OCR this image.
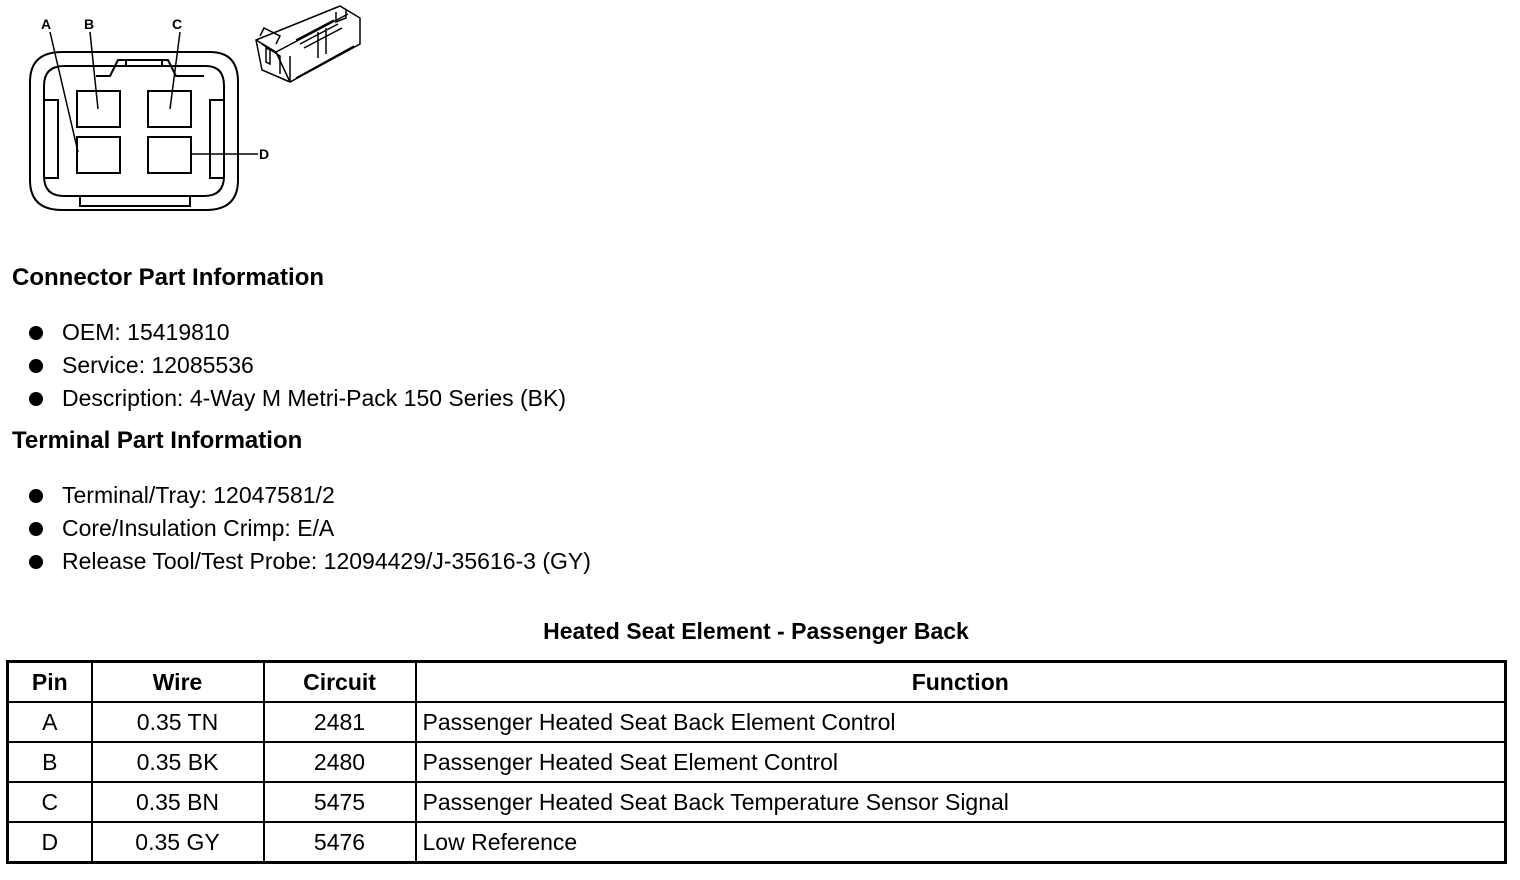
A B	C
D
Connector Part Information
OEM: 15419810
Service: 12085536
Description: 4-Way M Metri-Pack 150 Series (BK)
Terminal Part Information
Terminal/Tray: 12047581/2
Core/Insulation Crimp: E/A
Release Tool/Test Probe: 12094429/J-35616-3 (GY)
Heated Seat Element - Passenger Back
Pin	Wire	Circuit	Function
A	0.35 TN	2481	Passenger Heated Seat Back Element Control
B	0.35 BK	2480	Passenger Heated Seat Element Control
C	0.35 BN	5475	Passenger Heated Seat Back Temperature Sensor Signal
D	0.35 GY	5476	Low Reference
